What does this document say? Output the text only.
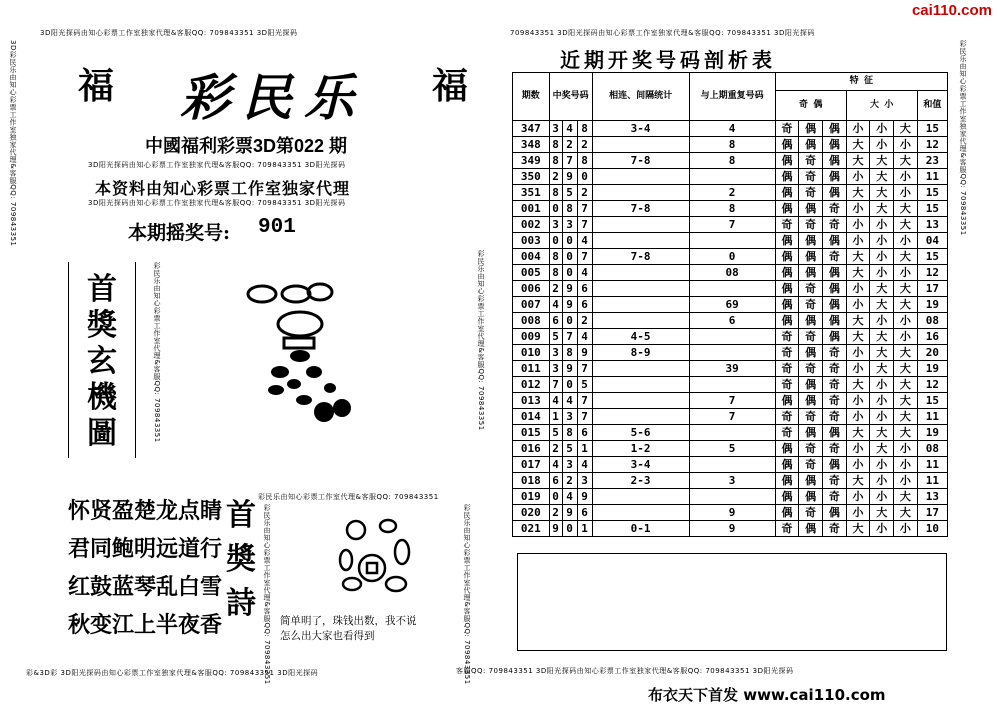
cai110.com
3D阳光探码由知心彩票工作室独家代理&客服QQ: 709843351 3D阳光探码	709843351 3D阳光探码由知心彩票工作室独家代理&客服QQ: 709843351 3D阳光探码
3D彩民乐由知心彩票工作室独家代理&客服QQ: 709843351	彩民乐由知心彩票工作室独家代理&客服QQ: 709843351
福	福
彩民乐
中國福利彩票3D第022 期
3D阳光探码由知心彩票工作室独家代理&客服QQ: 709843351 3D阳光探码
本资料由知心彩票工作室独家代理
3D阳光探码由知心彩票工作室独家代理&客服QQ: 709843351 3D阳光探码
本期摇奖号: 901
首
獎
玄
機
圖	彩民乐由知心彩票工作室代理&客服QQ: 709843351	彩民乐由知心彩票工作室代理&客服QQ: 709843351
怀贤盈楚龙点睛
君同鲍明远道行
红鼓蓝琴乱白雪
秋变江上半夜香
首
奬
詩
彩民乐由知心彩票工作室代理&客服QQ: 709843351
彩民乐由知心彩票工作室代理&客服QQ: 709843351	彩民乐由知心彩票工作室代理&客服QQ: 709843351
简单明了，珠钱出数，我不说
怎么出大家也看得到
彩&3D彩 3D阳光探码由知心彩票工作室独家代理&客服QQ: 709843351 3D阳光探码	客服QQ: 709843351 3D阳光探码由知心彩票工作室独家代理&客服QQ: 709843351 3D阳光探码
近期开奖号码剖析表
期数	中奖号码			相连、间隔统计	与上期重复号码	特 征						
						奇 偶			大 小			和值
347	3	4	8	3-4	4	奇	偶	偶	小	小	大	15
348	8	2	2		8	偶	偶	偶	大	小	小	12
349	8	7	8	7-8	8	偶	奇	偶	大	大	大	23
350	2	9	0			偶	奇	偶	小	大	小	11
351	8	5	2		2	偶	奇	偶	大	大	小	15
001	0	8	7	7-8	8	偶	偶	奇	小	大	大	15
002	3	3	7		7	奇	奇	奇	小	小	大	13
003	0	0	4			偶	偶	偶	小	小	小	04
004	8	0	7	7-8	0	偶	偶	奇	大	小	大	15
005	8	0	4		08	偶	偶	偶	大	小	小	12
006	2	9	6			偶	奇	偶	小	大	大	17
007	4	9	6		69	偶	奇	偶	小	大	大	19
008	6	0	2		6	偶	偶	偶	大	小	小	08
009	5	7	4	4-5		奇	奇	偶	大	大	小	16
010	3	8	9	8-9		奇	偶	奇	小	大	大	20
011	3	9	7		39	奇	奇	奇	小	大	大	19
012	7	0	5			奇	偶	奇	大	小	大	12
013	4	4	7		7	偶	偶	奇	小	小	大	15
014	1	3	7		7	奇	奇	奇	小	小	大	11
015	5	8	6	5-6		奇	偶	偶	大	大	大	19
016	2	5	1	1-2	5	偶	奇	奇	小	大	小	08
017	4	3	4	3-4		偶	奇	偶	小	小	小	11
018	6	2	3	2-3	3	偶	偶	奇	大	小	小	11
019	0	4	9			偶	偶	奇	小	小	大	13
020	2	9	6		9	偶	奇	偶	小	大	大	17
021	9	0	1	0-1	9	奇	偶	奇	大	小	小	10
布衣天下首发 www.cai110.com
